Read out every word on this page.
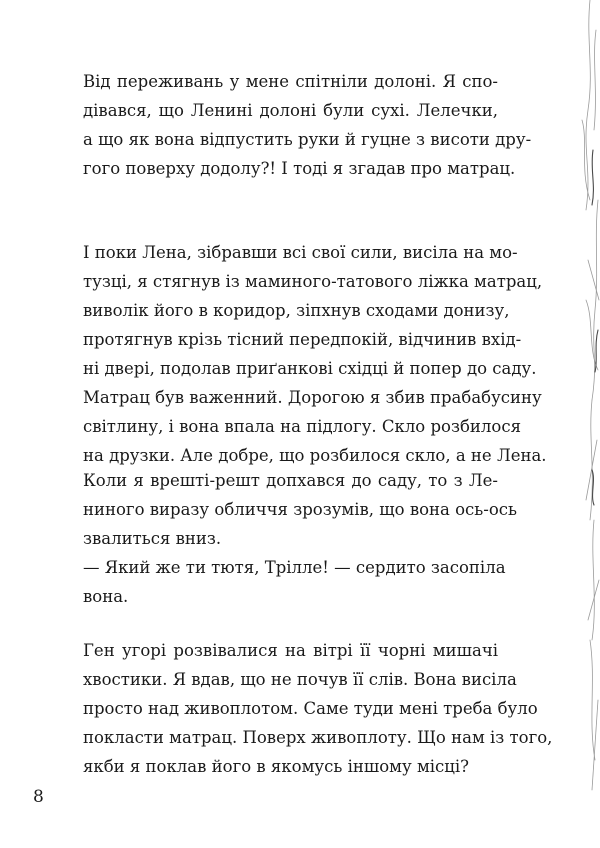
Від переживань у мене спітніли долоні. Я спо-
дівався, що Ленині долоні були сухі. Лелечки,
а що як вона відпустить руки й гуцне з висоти дру-
гого поверху додолу?! І тоді я згадав про матрац.
І поки Лена, зібравши всі свої сили, висіла на мо-
тузці, я стягнув із маминого-татового ліжка матрац,
виволік його в коридор, зіпхнув сходами донизу,
протягнув крізь тісний передпокій, відчинив вхід-
ні двері, подолав приґанкові східці й попер до саду.
Матрац був важенний. Дорогою я збив прабабусину
світлину, і вона впала на підлогу. Скло розбилося
на друзки. Але добре, що розбилося скло, а не Лена.
Коли я врешті-решт допхався до саду, то з Ле-
ниного виразу обличчя зрозумів, що вона ось-ось
звалиться вниз.
— Який же ти тютя, Трілле! — сердито засопіла
вона.
Ген угорі розвівалися на вітрі її чорні мишачі
хвостики. Я вдав, що не почув її слів. Вона висіла
просто над живоплотом. Саме туди мені треба було
покласти матрац. Поверх живоплоту. Що нам із того,
якби я поклав його в якомусь іншому місці?
8
